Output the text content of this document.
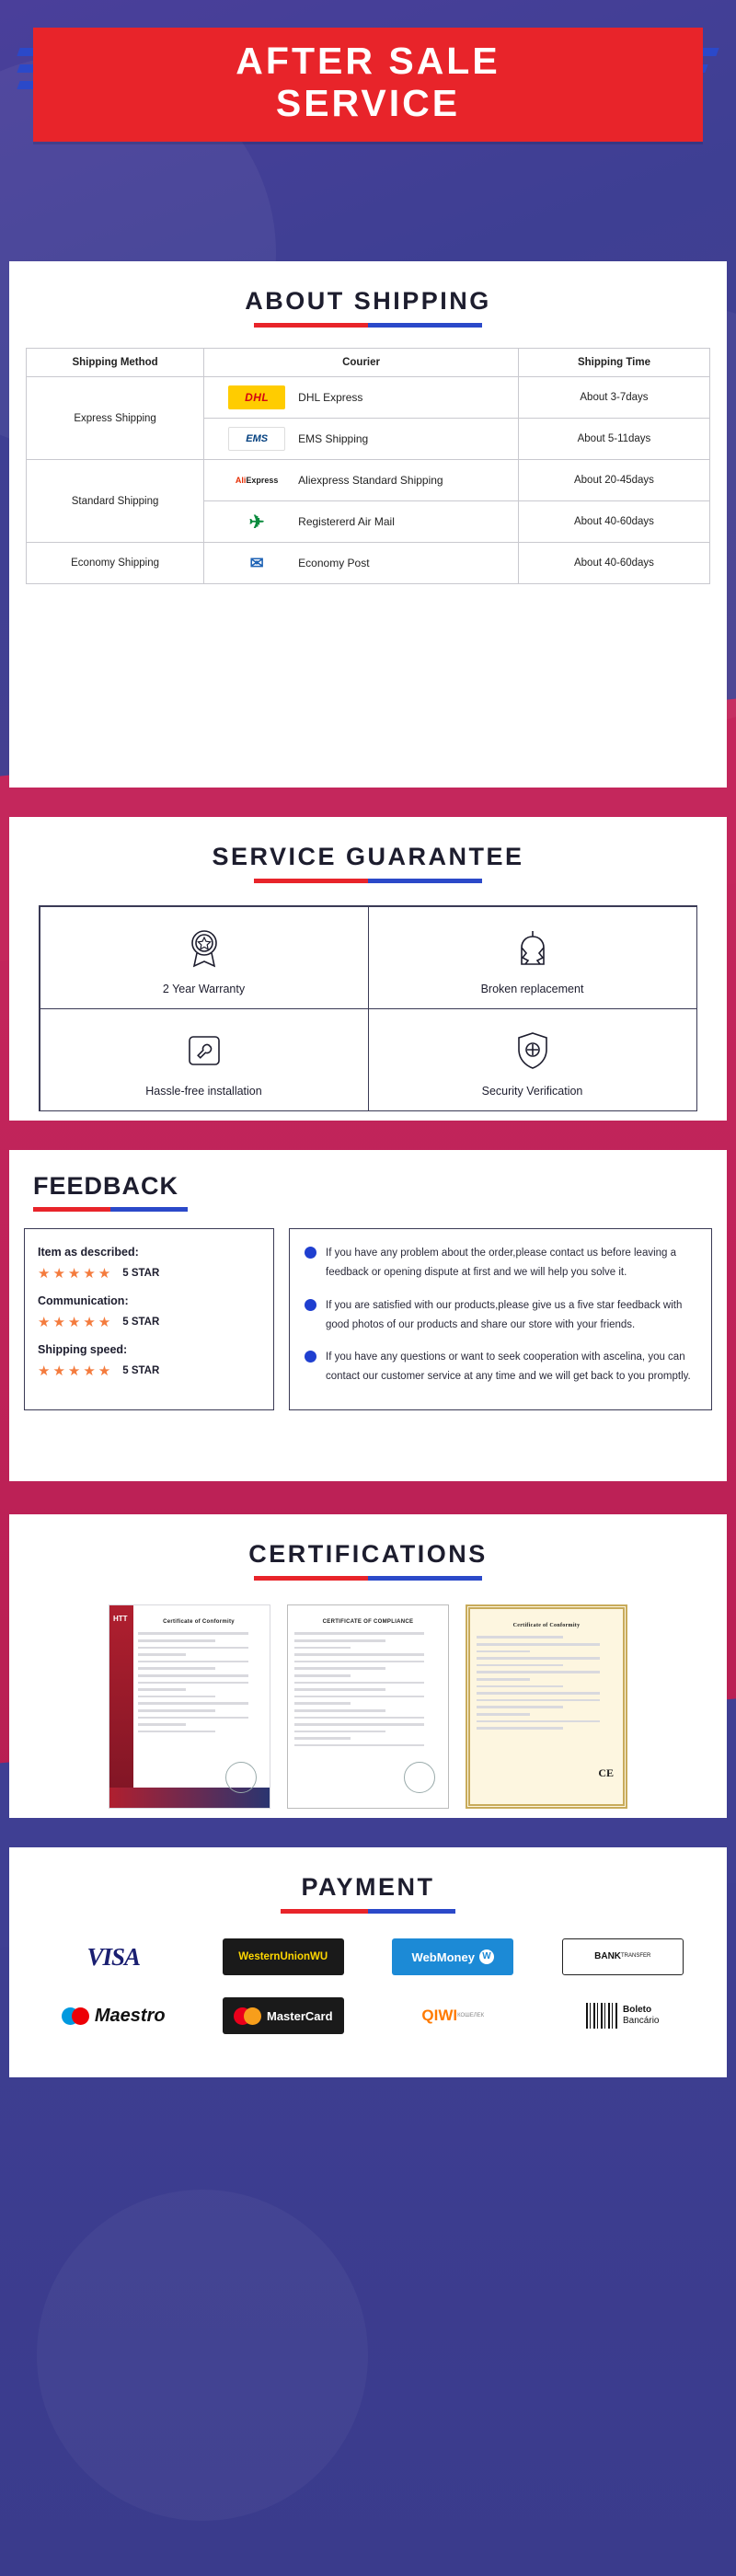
AFTER SALE
SERVICE
ABOUT SHIPPING
Shipping Method	Courier	Shipping Time
Express Shipping	DHL DHL Express	About 3-7days

EMS EMS Shipping	About 5-11days
Standard Shipping	Ali Express Aliexpress Standard Shipping	About 20-45days

✈ Registererd Air Mail	About 40-60days
Economy Shipping	✉ Economy Post	About 40-60days
SERVICE GUARANTEE
2 Year Warranty	Broken replacement
Hassle-free installation	Security Verification
FEEDBACK
Item as described:
★★★★★ 5 STAR
Communication:
★★★★★ 5 STAR
Shipping speed:
★★★★★ 5 STAR
If you have any problem about the order,please contact us before leaving a feedback or opening dispute at first and we will help you solve it.
If you are satisfied with our products,please give us a five star feedback with good photos of our products and share our store with your friends.
If you have any questions or want to seek cooperation with ascelina, you can contact our customer service at any time and we will get back to you promptly.
CERTIFICATIONS
HTT	Certificate of Conformity	CERTIFICATE OF COMPLIANCE
Certificate of Conformity
CE
PAYMENT
VISA	WesternUnion WU	WebMoney W	BANK TRANSFER
Maestro	MasterCard	QIWI КОШЕЛЕК
Boleto
Bancário
